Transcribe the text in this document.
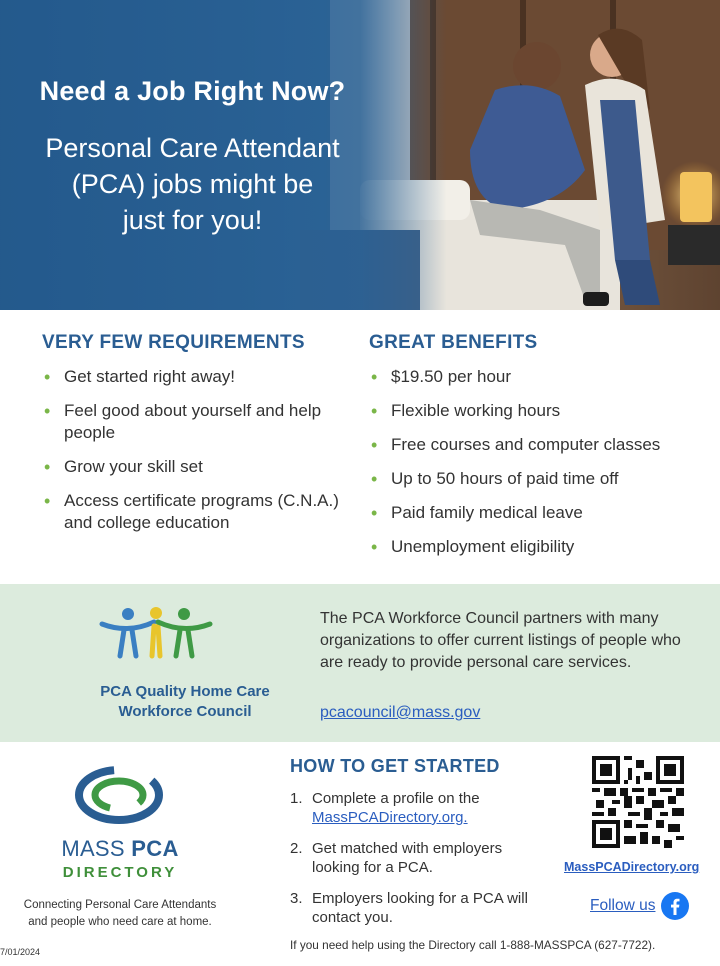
Need a Job Right Now?
Personal Care Attendant
(PCA) jobs might be
just for you!
VERY FEW REQUIREMENTS
• Get started right away!
• Feel good about yourself and help people
• Grow your skill set
• Access certificate programs (C.N.A.) and college education
GREAT BENEFITS
• $19.50 per hour
• Flexible working hours
• Free courses and computer classes
• Up to 50 hours of paid time off
• Paid family medical leave
• Unemployment eligibility
PCA Quality Home Care
Workforce Council
The PCA Workforce Council partners with many organizations to offer current listings of people who are ready to provide personal care services.
pcacouncil@mass.gov
MASS PCA
DIRECTORY
Connecting Personal Care Attendants
and people who need care at home.
7/01/2024
HOW TO GET STARTED
1. Complete a profile on the
MassPCADirectory.org.
2. Get matched with employers looking for a PCA.
3. Employers looking for a PCA will contact you.
MassPCADirectory.org
Follow us
If you need help using the Directory call 1-888-MASSPCA (627-7722).
